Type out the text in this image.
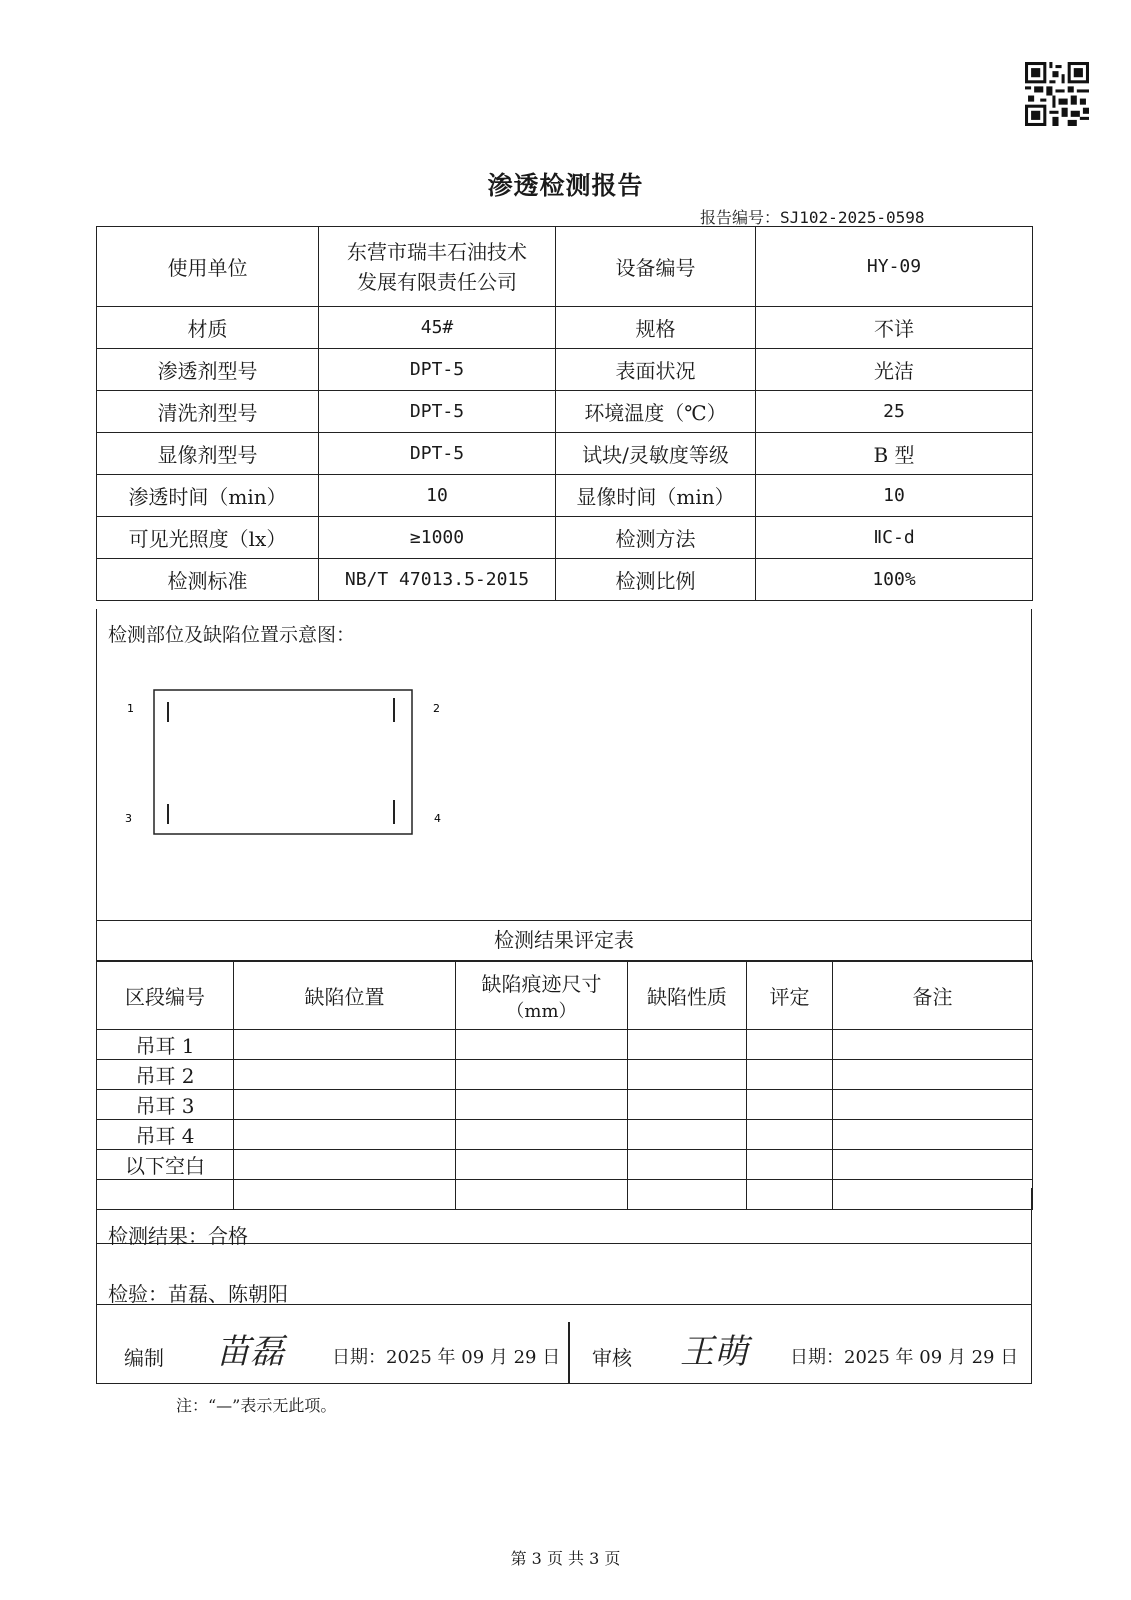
渗透检测报告
报告编号：SJ102-2025-0598
使用单位	东营市瑞丰石油技术
发展有限责任公司	设备编号	HY-09
材质	45#	规格	不详
渗透剂型号	DPT-5	表面状况	光洁
清洗剂型号	DPT-5	环境温度（℃）	25
显像剂型号	DPT-5	试块/灵敏度等级	B 型
渗透时间（min）	10	显像时间（min）	10
可见光照度（lx）	≥1000	检测方法	ⅡC-d
检测标准	NB/T 47013.5-2015	检测比例	100%
检测部位及缺陷位置示意图：
1	2
3	4
检测结果评定表
区段编号	缺陷位置	缺陷痕迹尺寸
（mm）	缺陷性质	评定	备注
吊耳 1					
吊耳 2					
吊耳 3					
吊耳 4					
以下空白					

检测结果：合格
检验：苗磊、陈朝阳
编制 苗磊	日期：2025 年 09 月 29 日 审核 王萌 日期：2025 年 09 月 29 日
注：“—”表示无此项。
第 3 页 共 3 页
